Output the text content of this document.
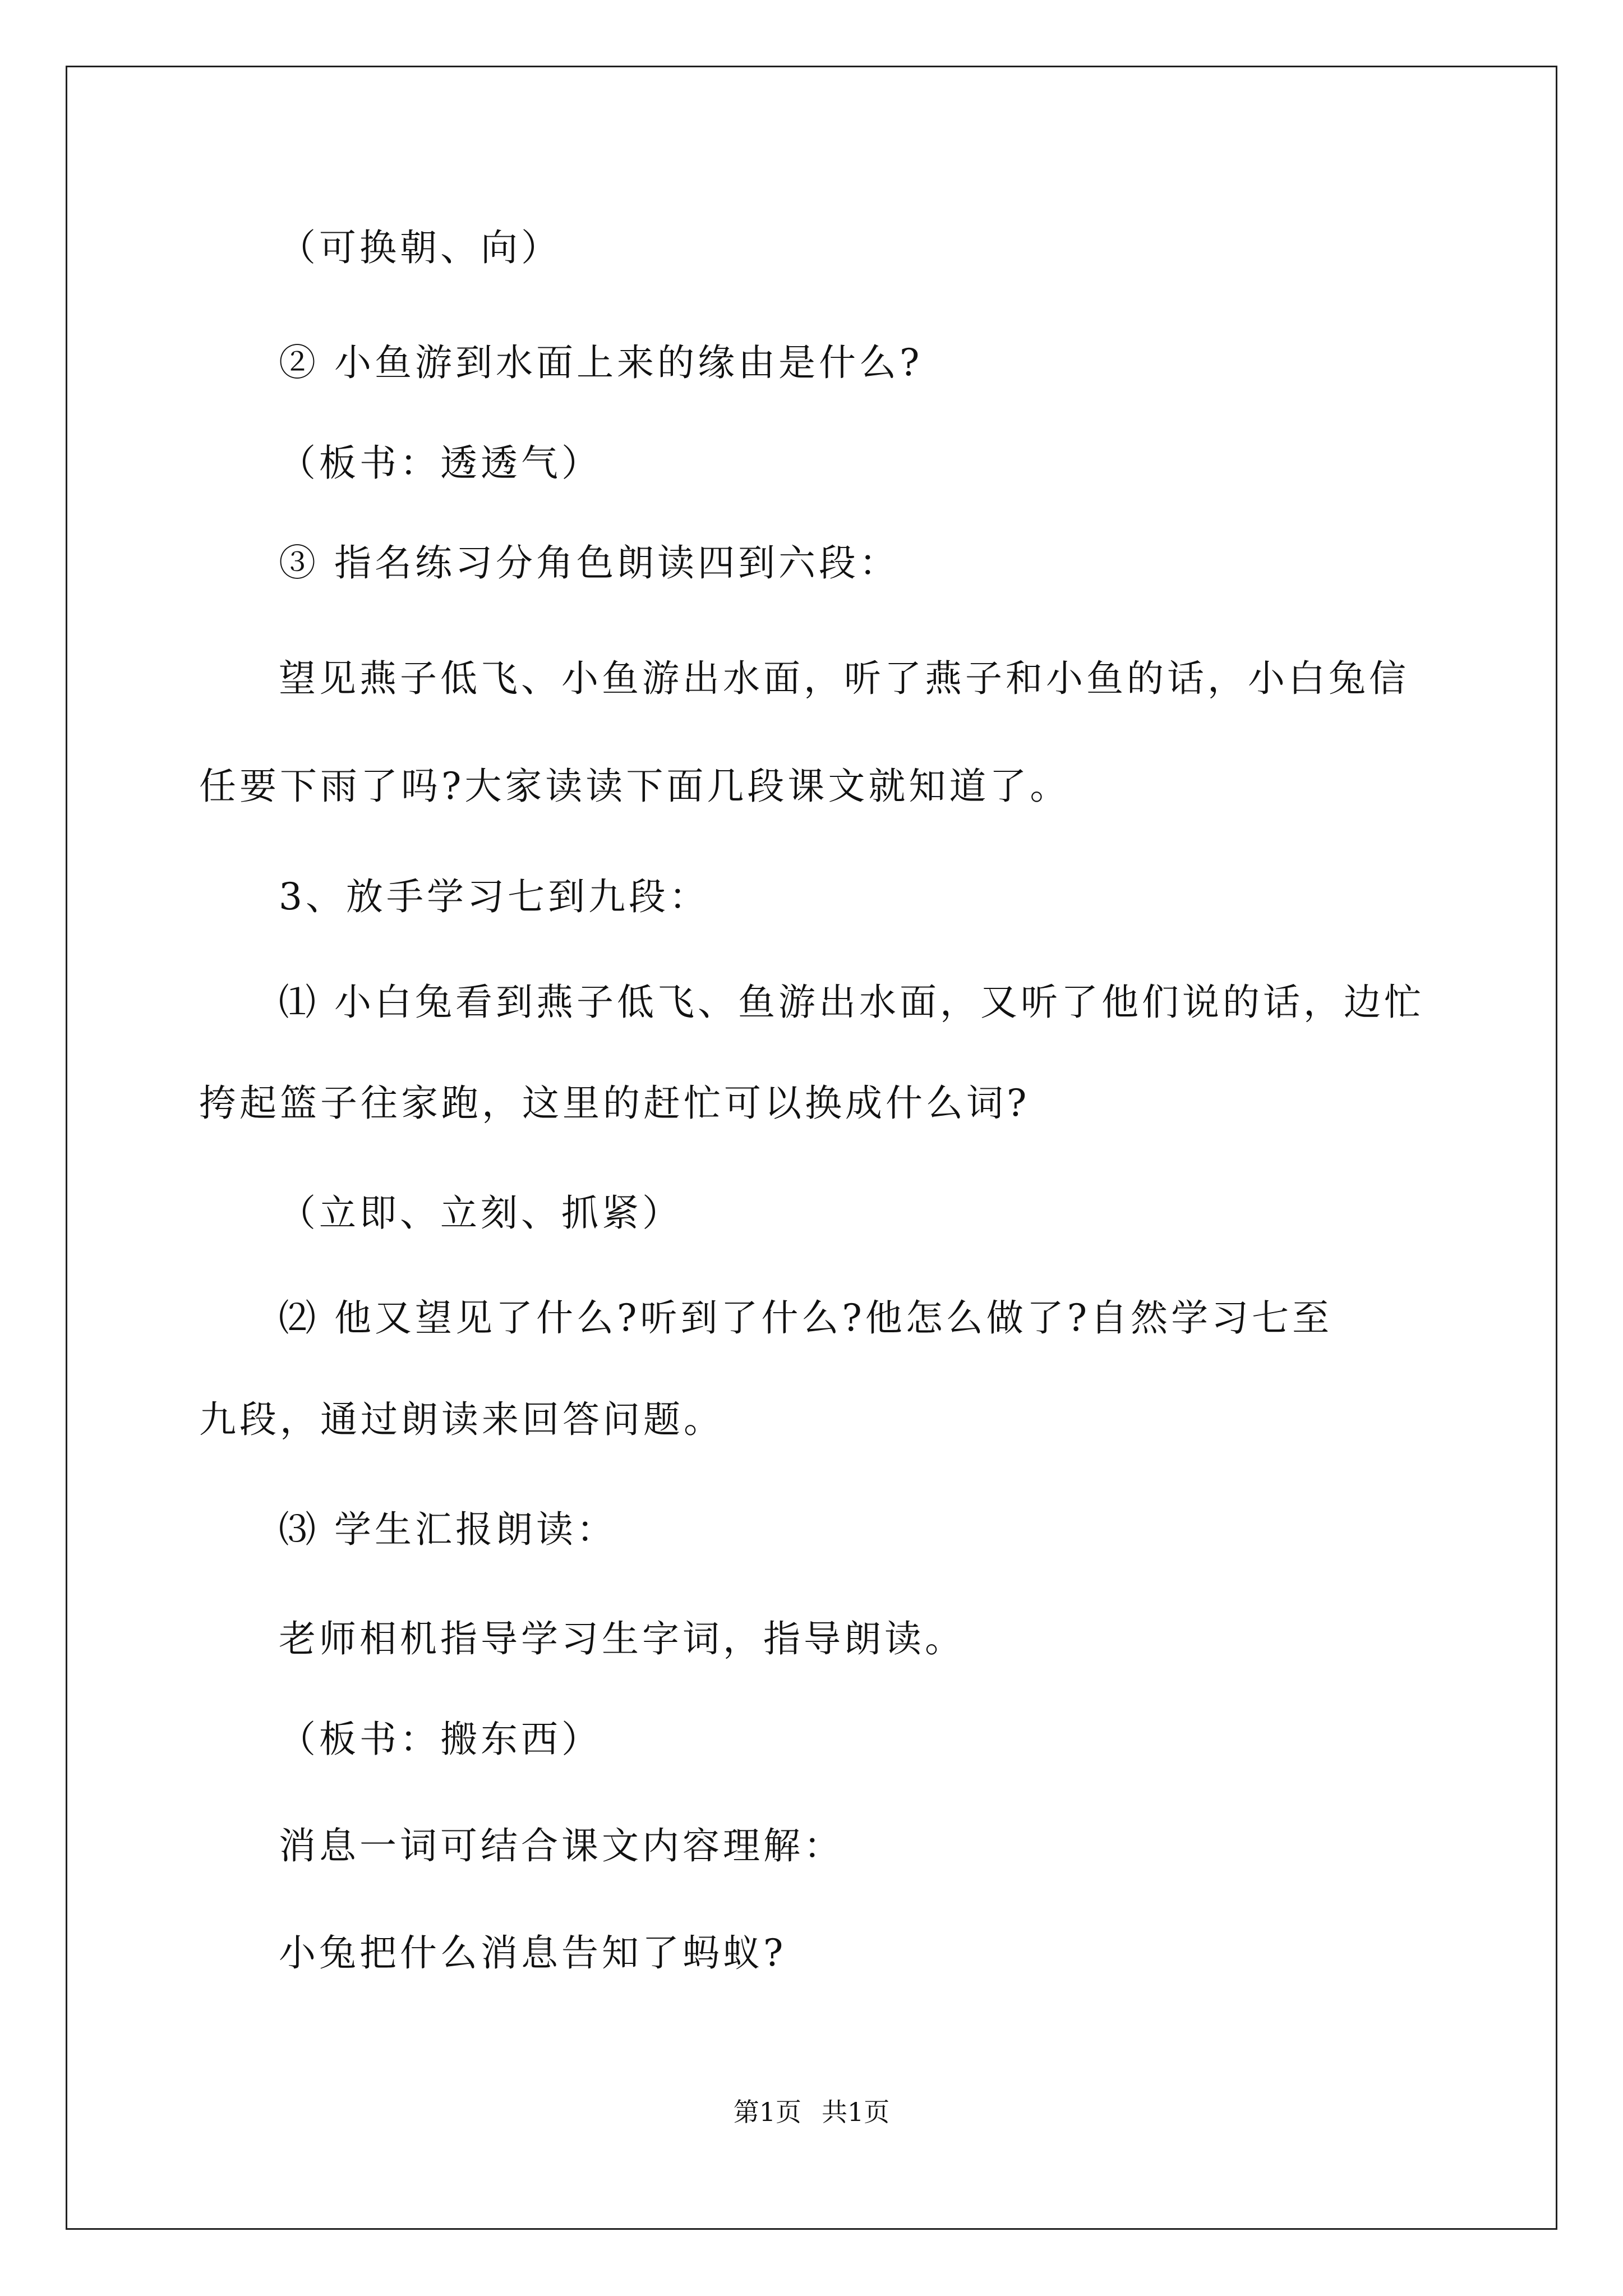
（可换朝、向）
② 小鱼游到水面上来的缘由是什么?
（板书：透透气）
③ 指名练习分角色朗读四到六段：
望见燕子低飞、小鱼游出水面，听了燕子和小鱼的话，小白兔信
任要下雨了吗?大家读读下面几段课文就知道了。
3、放手学习七到九段：
⑴ 小白兔看到燕子低飞、鱼游出水面，又听了他们说的话，边忙
挎起篮子往家跑，这里的赶忙可以换成什么词?
（立即、立刻、抓紧）
⑵ 他又望见了什么?听到了什么?他怎么做了?自然学习七至
九段，通过朗读来回答问题。
⑶ 学生汇报朗读：
老师相机指导学习生字词，指导朗读。
（板书：搬东西）
消息一词可结合课文内容理解：
小兔把什么消息告知了蚂蚁?
第1页 共1页
